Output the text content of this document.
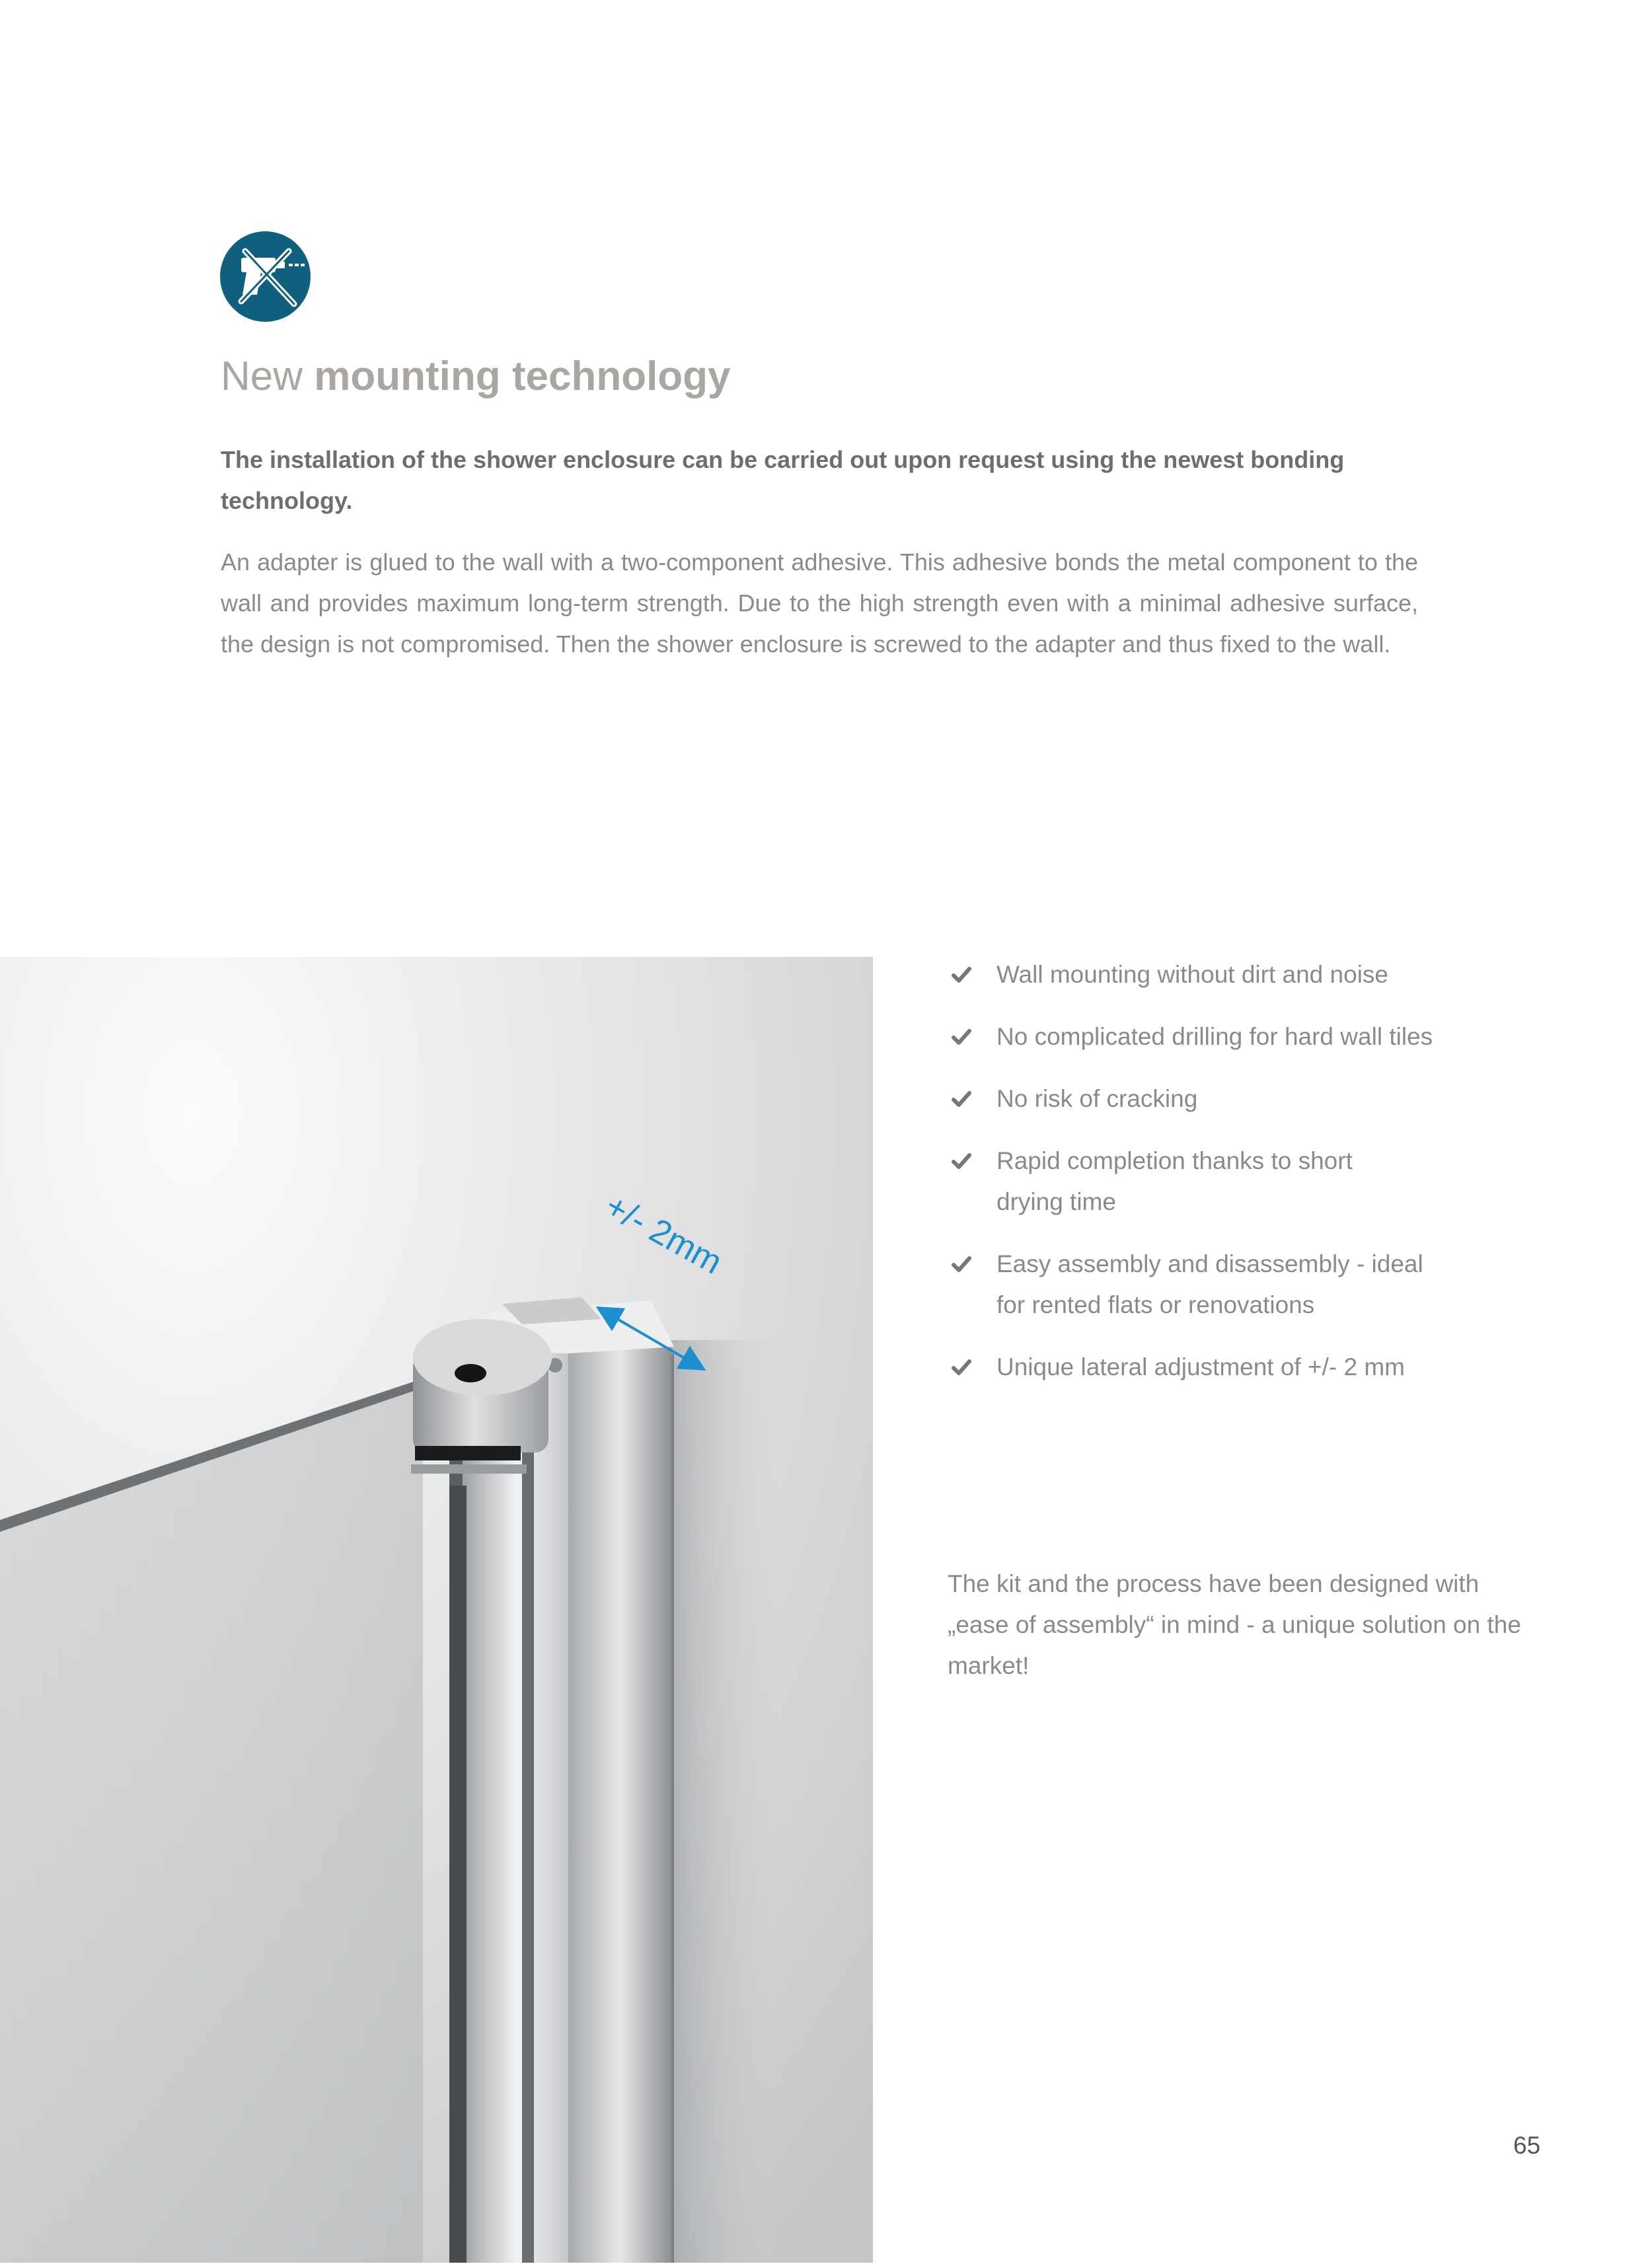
New mounting technology

The installation of the shower enclosure can be carried out upon request using the newest bonding technology.

An adapter is glued to the wall with a two-component adhesive. This adhesive bonds the metal component to the wall and provides maximum long-term strength. Due to the high strength even with a minimal adhesive surface, the design is not compromised. Then the shower enclosure is screwed to the adapter and thus fixed to the wall.

+/- 2mm
Wall mounting without dirt and noise
No complicated drilling for hard wall tiles
No risk of cracking
Rapid completion thanks to short
drying time
Easy assembly and disassembly - ideal
for rented flats or renovations
Unique lateral adjustment of +/- 2 mm

The kit and the process have been designed with „ease of assembly“ in mind - a unique solution on the market!

65
